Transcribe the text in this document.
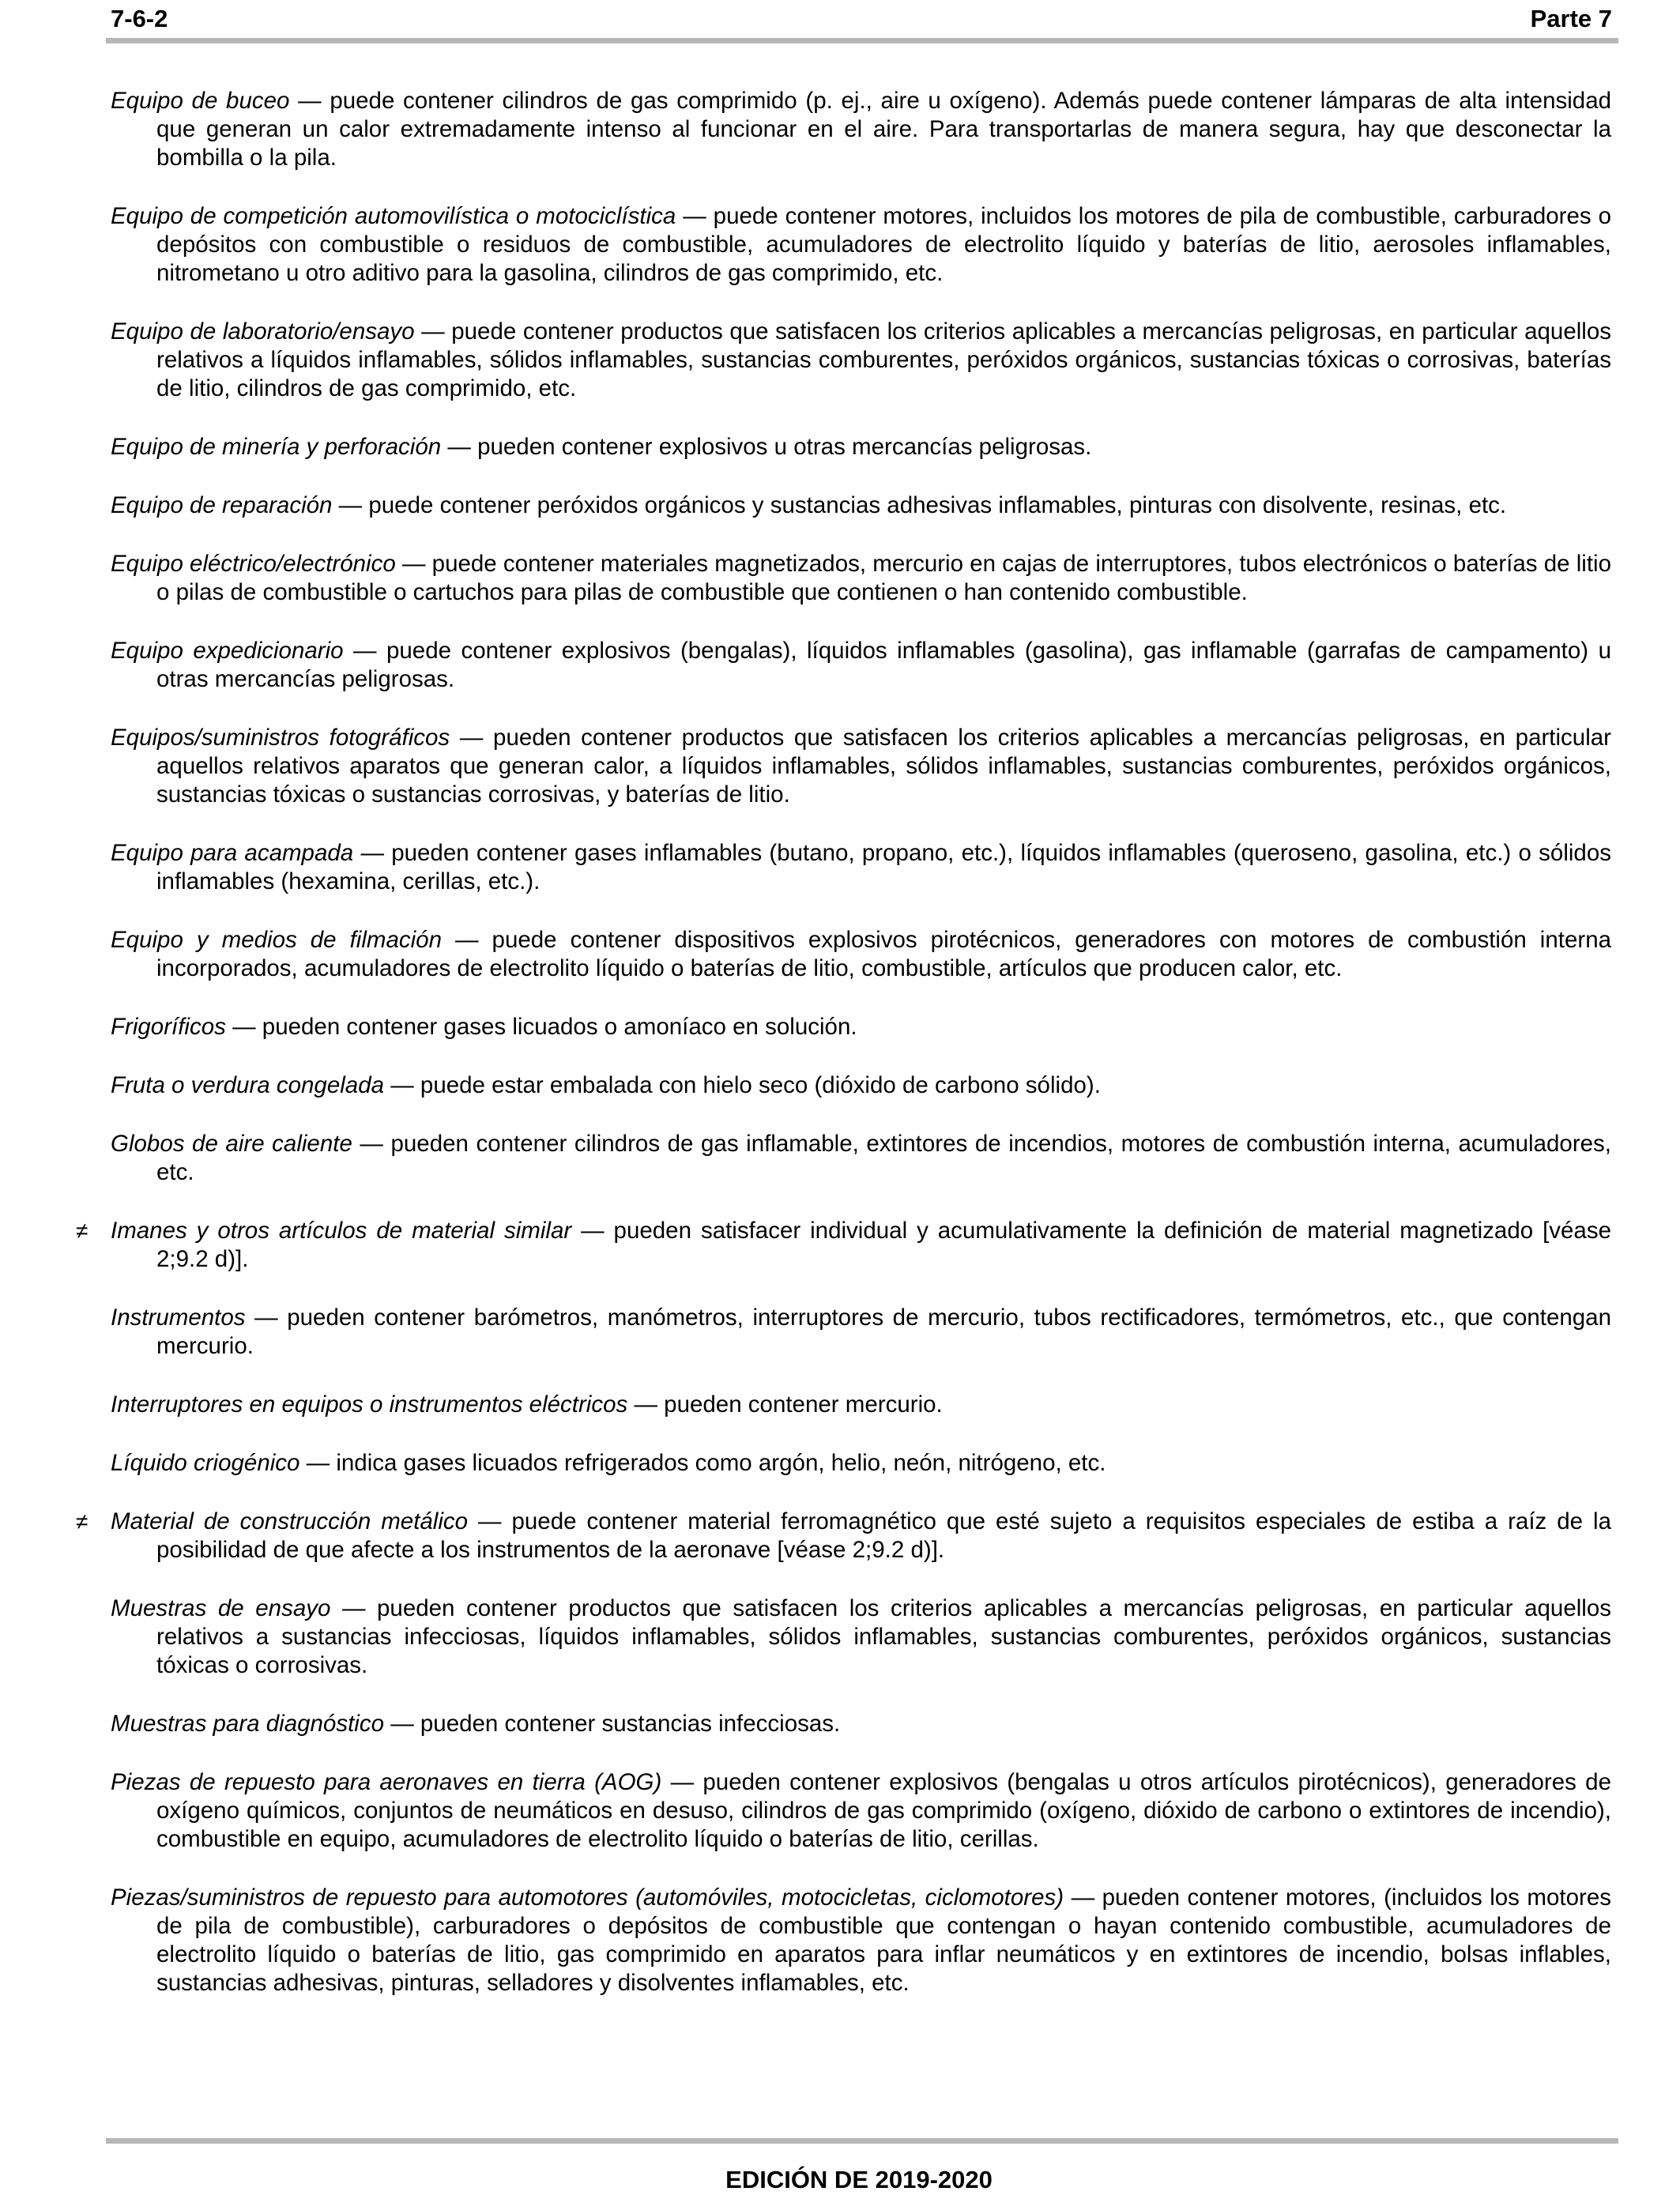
7-6-2	Parte 7

Equipo de buceo — puede contener cilindros de gas comprimido (p. ej., aire u oxígeno). Además puede contener lámparas de alta intensidad que generan un calor extremadamente intenso al funcionar en el aire. Para transportarlas de manera segura, hay que desconectar la bombilla o la pila.

Equipo de competición automovilística o motociclística — puede contener motores, incluidos los motores de pila de combustible, carburadores o depósitos con combustible o residuos de combustible, acumuladores de electrolito líquido y baterías de litio, aerosoles inflamables, nitrometano u otro aditivo para la gasolina, cilindros de gas comprimido, etc.

Equipo de laboratorio/ensayo — puede contener productos que satisfacen los criterios aplicables a mercancías peligrosas, en particular aquellos relativos a líquidos inflamables, sólidos inflamables, sustancias comburentes, peróxidos orgánicos, sustancias tóxicas o corrosivas, baterías de litio, cilindros de gas comprimido, etc.

Equipo de minería y perforación — pueden contener explosivos u otras mercancías peligrosas.

Equipo de reparación — puede contener peróxidos orgánicos y sustancias adhesivas inflamables, pinturas con disolvente, resinas, etc.

Equipo eléctrico/electrónico — puede contener materiales magnetizados, mercurio en cajas de interruptores, tubos electrónicos o baterías de litio o pilas de combustible o cartuchos para pilas de combustible que contienen o han contenido combustible.

Equipo expedicionario — puede contener explosivos (bengalas), líquidos inflamables (gasolina), gas inflamable (garrafas de campamento) u otras mercancías peligrosas.

Equipos/suministros fotográficos — pueden contener productos que satisfacen los criterios aplicables a mercancías peligrosas, en particular aquellos relativos aparatos que generan calor, a líquidos inflamables, sólidos inflamables, sustancias comburentes, peróxidos orgánicos, sustancias tóxicas o sustancias corrosivas, y baterías de litio.

Equipo para acampada — pueden contener gases inflamables (butano, propano, etc.), líquidos inflamables (queroseno, gasolina, etc.) o sólidos inflamables (hexamina, cerillas, etc.).

Equipo y medios de filmación — puede contener dispositivos explosivos pirotécnicos, generadores con motores de combustión interna incorporados, acumuladores de electrolito líquido o baterías de litio, combustible, artículos que producen calor, etc.

Frigoríficos — pueden contener gases licuados o amoníaco en solución.

Fruta o verdura congelada — puede estar embalada con hielo seco (dióxido de carbono sólido).

Globos de aire caliente — pueden contener cilindros de gas inflamable, extintores de incendios, motores de combustión interna, acumuladores, etc.

≠ Imanes y otros artículos de material similar — pueden satisfacer individual y acumulativamente la definición de material magnetizado [véase 2;9.2 d)].

Instrumentos — pueden contener barómetros, manómetros, interruptores de mercurio, tubos rectificadores, termómetros, etc., que contengan mercurio.

Interruptores en equipos o instrumentos eléctricos — pueden contener mercurio.

Líquido criogénico — indica gases licuados refrigerados como argón, helio, neón, nitrógeno, etc.

≠ Material de construcción metálico — puede contener material ferromagnético que esté sujeto a requisitos especiales de estiba a raíz de la posibilidad de que afecte a los instrumentos de la aeronave [véase 2;9.2 d)].

Muestras de ensayo — pueden contener productos que satisfacen los criterios aplicables a mercancías peligrosas, en particular aquellos relativos a sustancias infecciosas, líquidos inflamables, sólidos inflamables, sustancias comburentes, peróxidos orgánicos, sustancias tóxicas o corrosivas.

Muestras para diagnóstico — pueden contener sustancias infecciosas.

Piezas de repuesto para aeronaves en tierra (AOG) — pueden contener explosivos (bengalas u otros artículos pirotécnicos), generadores de oxígeno químicos, conjuntos de neumáticos en desuso, cilindros de gas comprimido (oxígeno, dióxido de carbono o extintores de incendio), combustible en equipo, acumuladores de electrolito líquido o baterías de litio, cerillas.

Piezas/suministros de repuesto para automotores (automóviles, motocicletas, ciclomotores) — pueden contener motores, (incluidos los motores de pila de combustible), carburadores o depósitos de combustible que contengan o hayan contenido combustible, acumuladores de electrolito líquido o baterías de litio, gas comprimido en aparatos para inflar neumáticos y en extintores de incendio, bolsas inflables, sustancias adhesivas, pinturas, selladores y disolventes inflamables, etc.

EDICIÓN DE 2019-2020
